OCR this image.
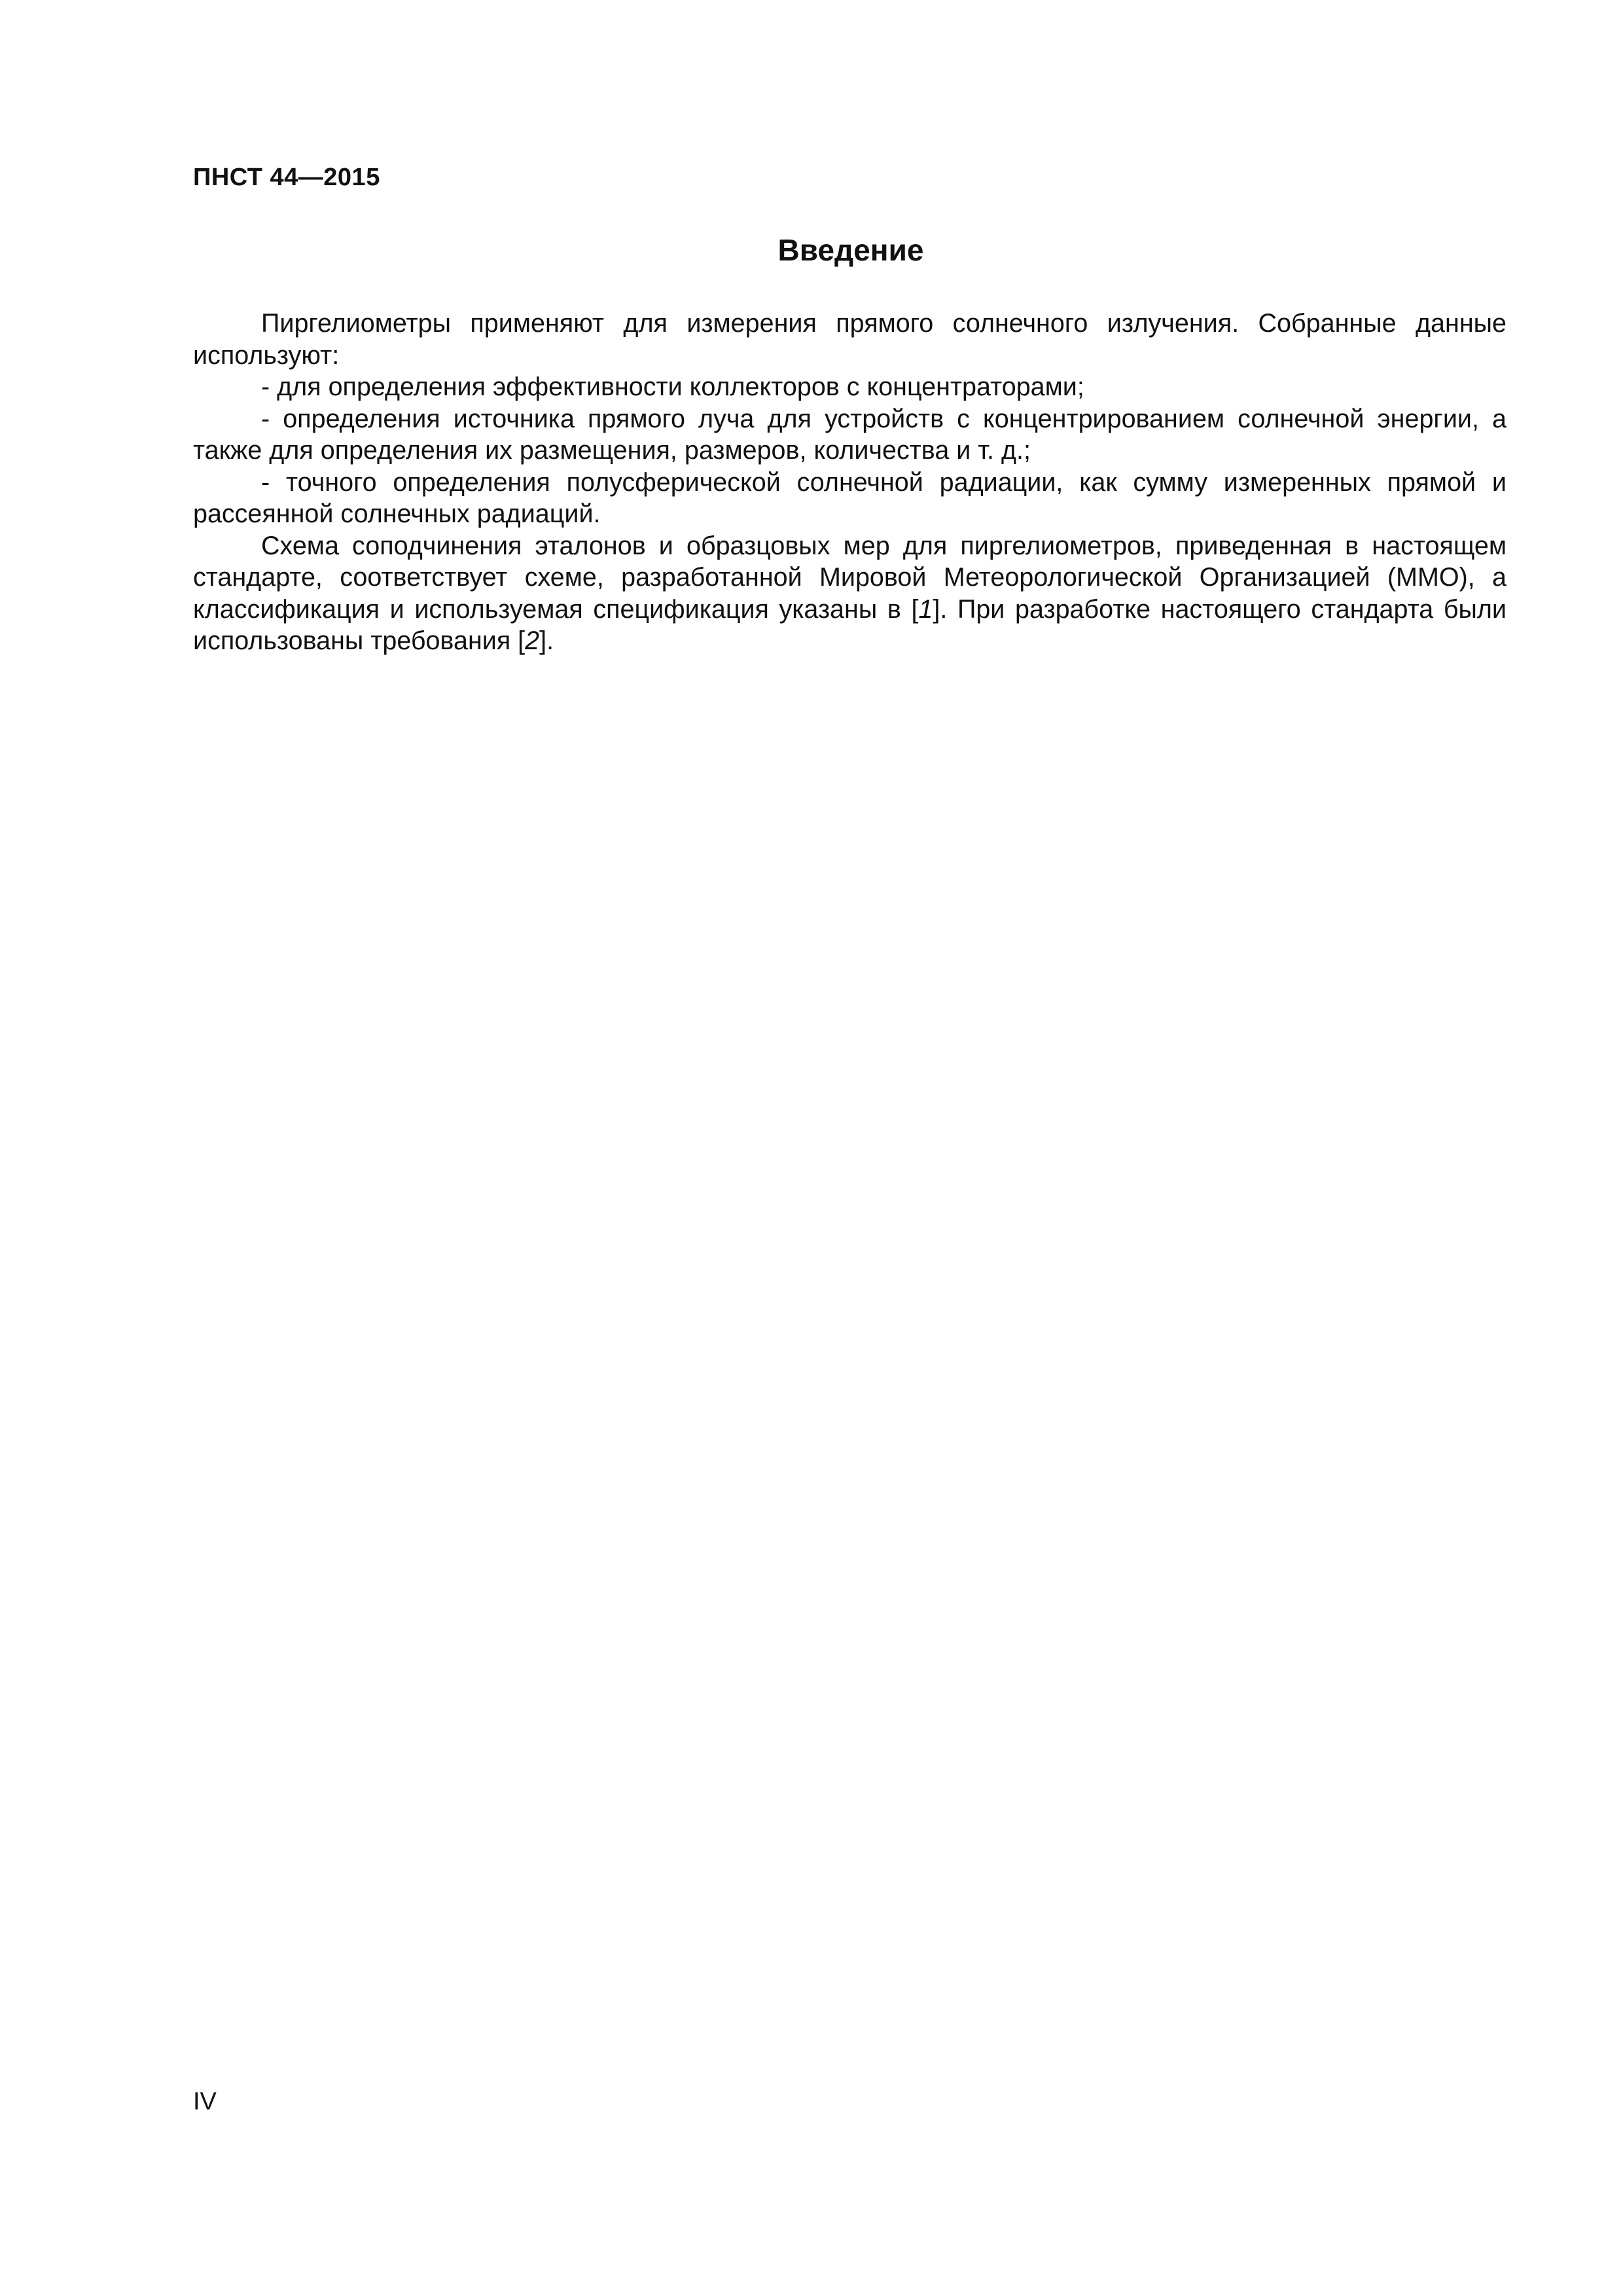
ПНСТ 44—2015
Введение

Пиргелиометры применяют для измерения прямого солнечного излучения. Собранные данные используют:

- для определения эффективности коллекторов с концентраторами;

- определения источника прямого луча для устройств с концентрированием солнечной энергии, а также для определения их размещения, размеров, количества и т. д.;

- точного определения полусферической солнечной радиации, как сумму измеренных прямой и рассеянной солнечных радиаций.

Схема соподчинения эталонов и образцовых мер для пиргелиометров, приведенная в настоящем стандарте, соответствует схеме, разработанной Мировой Метеорологической Организацией (ММО), а классификация и используемая спецификация указаны в [1]. При разработке настоящего стандарта были использованы требования [2].

IV
